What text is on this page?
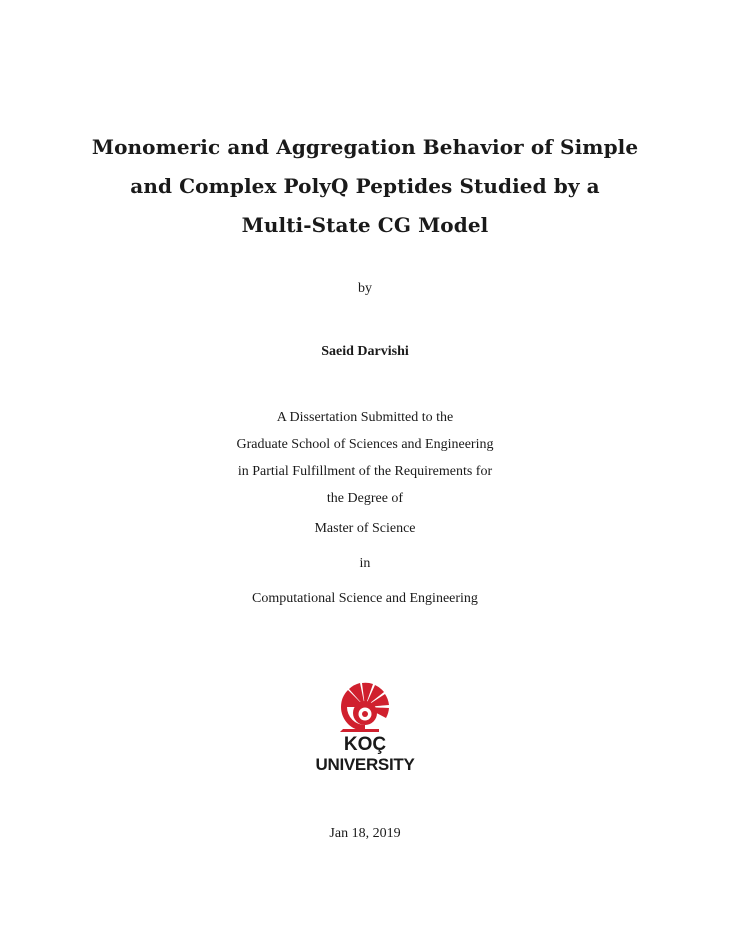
Monomeric and Aggregation Behavior of Simple
and Complex PolyQ Peptides Studied by a
Multi-State CG Model
by
Saeid Darvishi
A Dissertation Submitted to the
Graduate School of Sciences and Engineering
in Partial Fulfillment of the Requirements for
the Degree of
Master of Science
in
Computational Science and Engineering
KOÇ
UNIVERSITY
Jan 18, 2019
